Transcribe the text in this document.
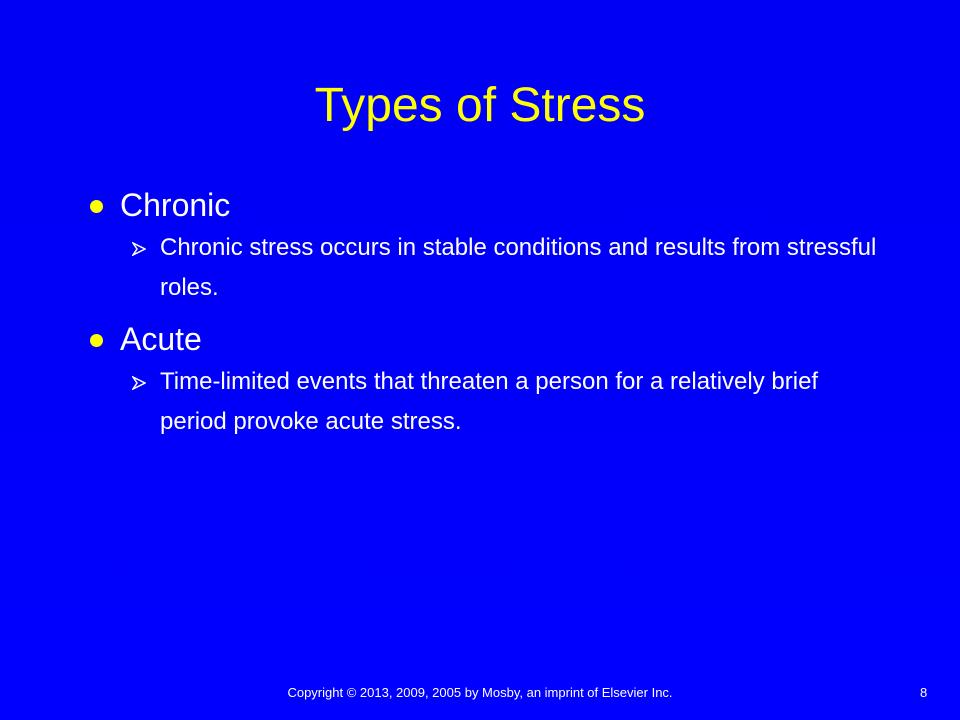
Types of Stress
Chronic
Chronic stress occurs in stable conditions and results from stressful roles.
Acute
Time-limited events that threaten a person for a relatively brief period provoke acute stress.
Copyright © 2013, 2009, 2005 by Mosby, an imprint of Elsevier Inc.	8
